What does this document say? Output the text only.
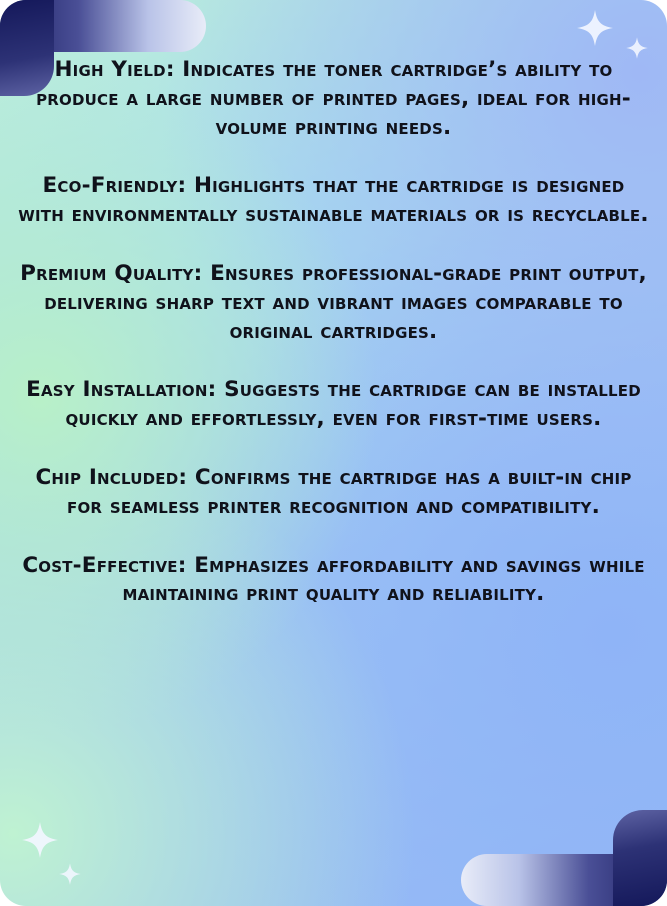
High Yield: Indicates the toner cartridge’s ability to produce a large number of printed pages, ideal for high-volume printing needs.

Eco-Friendly: Highlights that the cartridge is designed with environmentally sustainable materials or is recyclable.

Premium Quality: Ensures professional-grade print output, delivering sharp text and vibrant images comparable to original cartridges.

Easy Installation: Suggests the cartridge can be installed quickly and effortlessly, even for first-time users.

Chip Included: Confirms the cartridge has a built-in chip for seamless printer recognition and compatibility.

Cost-Effective: Emphasizes affordability and savings while maintaining print quality and reliability.
